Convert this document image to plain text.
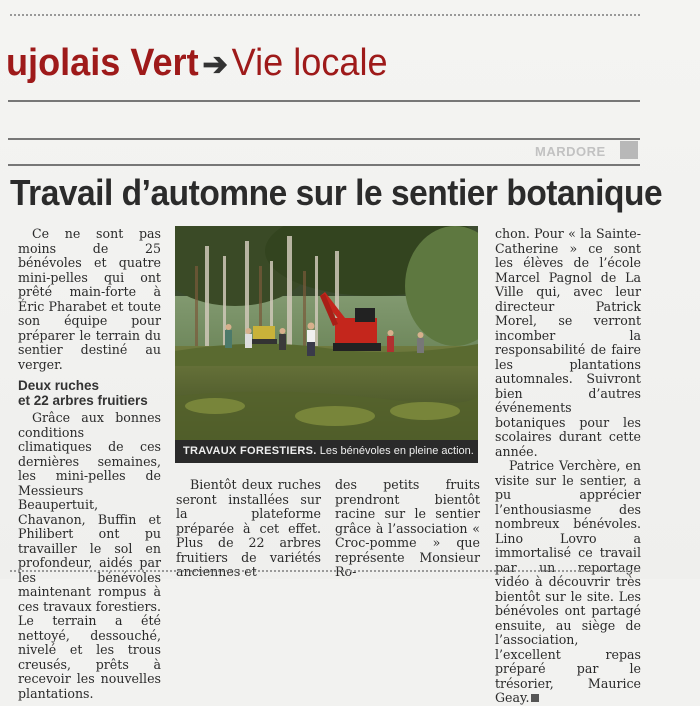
ujolais Vert ➔ Vie locale
MARDORE
Travail d’automne sur le sentier botanique

Ce ne sont pas moins de 25 bénévoles et quatre mini-pelles qui ont prêté main-forte à Éric Pharabet et toute son équipe pour préparer le terrain du sentier destiné au verger.

Deux ruches
et 22 arbres fruitiers

Grâce aux bonnes conditions climatiques de ces dernières semaines, les mini-pelles de Messieurs Beaupertuit, Chavanon, Buffin et Philibert ont pu travailler le sol en profondeur, aidés par les bénévoles maintenant rompus à ces travaux forestiers. Le terrain a été nettoyé, dessouché, nivelé et les trous creusés, prêts à recevoir les nouvelles plantations.

TRAVAUX FORESTIERS. Les bénévoles en pleine action.

Bientôt deux ruches seront installées sur la plateforme préparée à cet effet. Plus de 22 arbres fruitiers de variétés anciennes et

des petits fruits prendront bientôt racine sur le sentier grâce à l’association « Croc-pomme » que représente Monsieur Ro-

chon. Pour « la Sainte-Catherine » ce sont les élèves de l’école Marcel Pagnol de La Ville qui, avec leur directeur Patrick Morel, se verront incomber la responsabilité de faire les plantations automnales. Suivront bien d’autres événements botaniques pour les scolaires durant cette année.

Patrice Verchère, en visite sur le sentier, a pu apprécier l’enthousiasme des nombreux bénévoles. Lino Lovro a immortalisé ce travail par un reportage vidéo à découvrir très bientôt sur le site. Les bénévoles ont partagé ensuite, au siège de l’association, l’excellent repas préparé par le trésorier, Maurice Geay.
